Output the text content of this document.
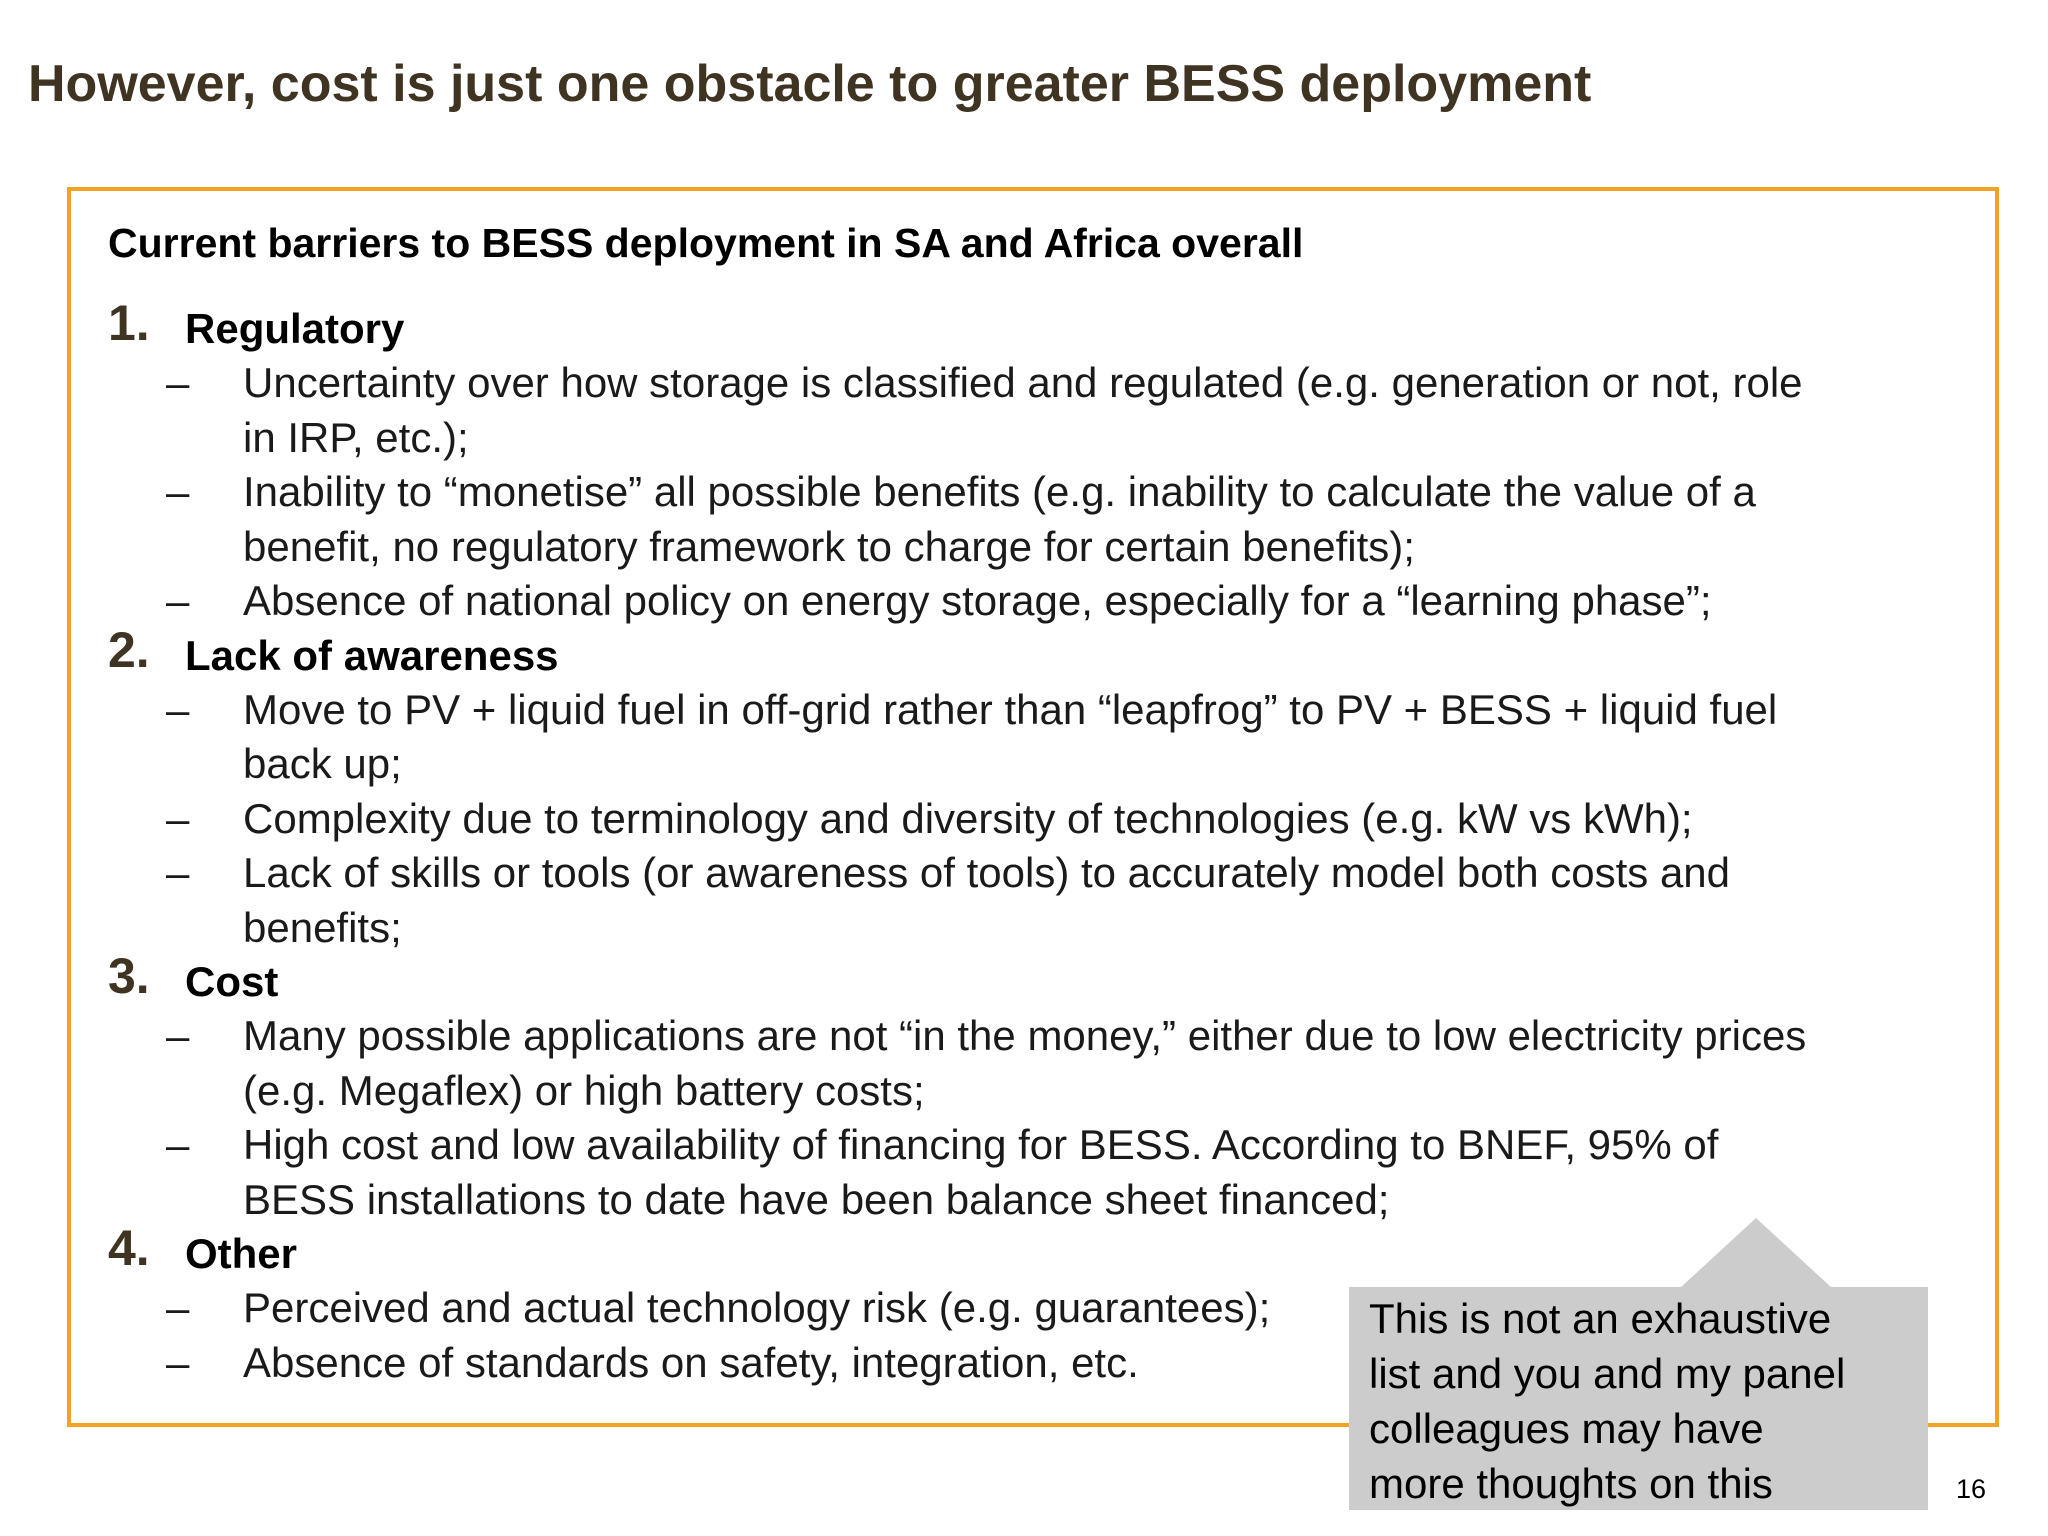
However, cost is just one obstacle to greater BESS deployment
Current barriers to BESS deployment in SA and Africa overall
1. Regulatory
– Uncertainty over how storage is classified and regulated (e.g. generation or not, role
in IRP, etc.);
– Inability to “monetise” all possible benefits (e.g. inability to calculate the value of a
benefit, no regulatory framework to charge for certain benefits);
– Absence of national policy on energy storage, especially for a “learning phase”;
2. Lack of awareness
– Move to PV + liquid fuel in off-grid rather than “leapfrog” to PV + BESS + liquid fuel
back up;
– Complexity due to terminology and diversity of technologies (e.g. kW vs kWh);
– Lack of skills or tools (or awareness of tools) to accurately model both costs and
benefits;
3. Cost
– Many possible applications are not “in the money,” either due to low electricity prices
(e.g. Megaflex) or high battery costs;
– High cost and low availability of financing for BESS. According to BNEF, 95% of
BESS installations to date have been balance sheet financed;
4. Other
– Perceived and actual technology risk (e.g. guarantees);
– Absence of standards on safety, integration, etc.
This is not an exhaustive
list and you and my panel
colleagues may have
more thoughts on this	16
